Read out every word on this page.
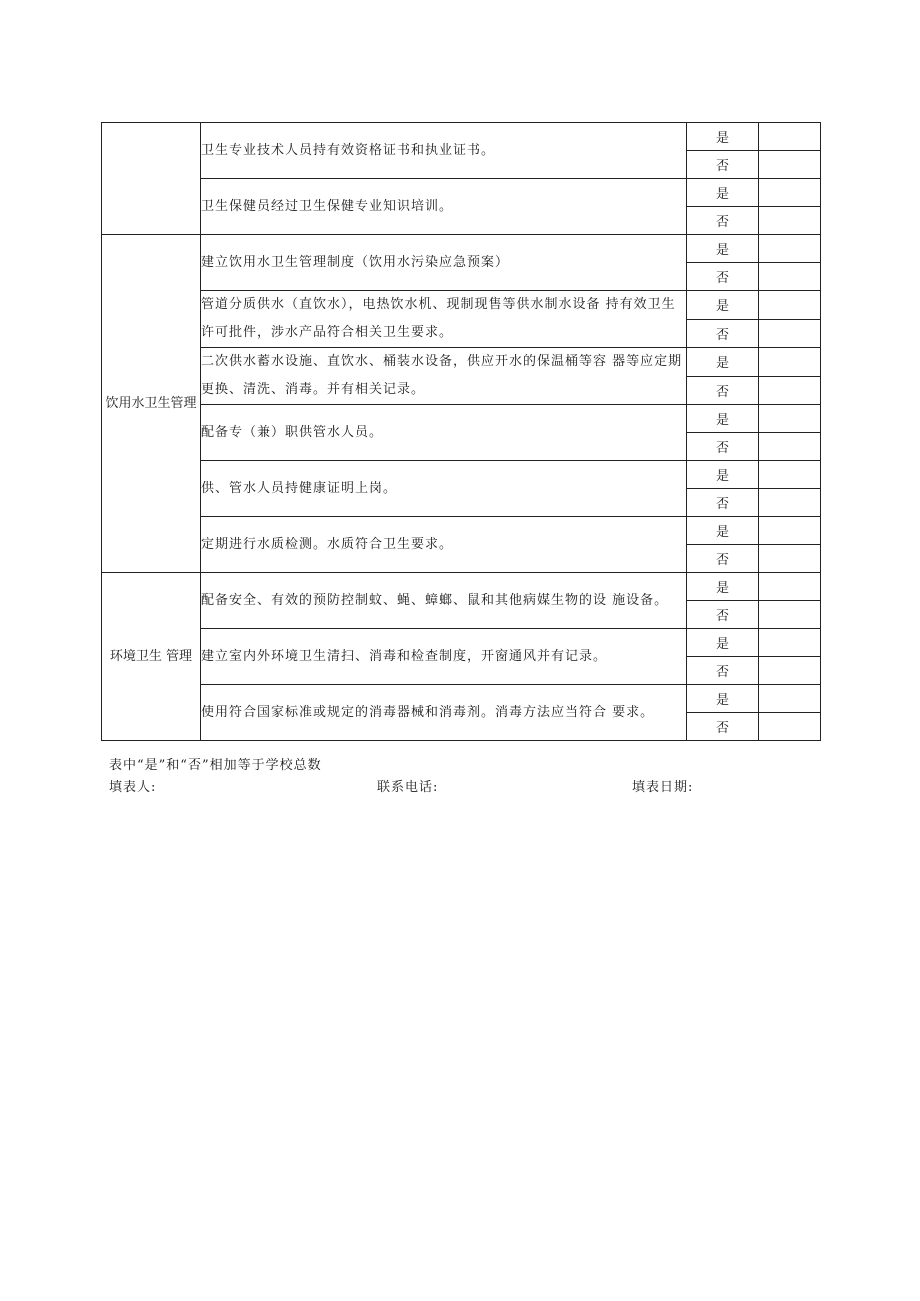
	卫生专业技术人员持有效资格证书和执业证书。	是	
		否	
	卫生保健员经过卫生保健专业知识培训。	是	
		否	
饮用水卫生管理	建立饮用水卫生管理制度（饮用水污染应急预案）	是	
		否	
	管道分质供水（直饮水），电热饮水机、现制现售等供水制水设备 持有效卫生许可批件，涉水产品符合相关卫生要求。	是	
		否	
	二次供水蓄水设施、直饮水、桶装水设备，供应开水的保温桶等容 器等应定期更换、清洗、消毒。并有相关记录。	是	
		否	
	配备专（兼）职供管水人员。	是	
		否	
	供、管水人员持健康证明上岗。	是	
		否	
	定期进行水质检测。水质符合卫生要求。	是	
		否	
环境卫生 管理	配备安全、有效的预防控制蚊、蝇、蟑螂、鼠和其他病媒生物的设 施设备。	是	
		否	
	建立室内外环境卫生清扫、消毒和检查制度，开窗通风并有记录。	是	
		否	
	使用符合国家标准或规定的消毒器械和消毒剂。消毒方法应当符合 要求。	是	
		否	
表中“是”和“否”相加等于学校总数
填表人:	联系电话:	填表日期:
